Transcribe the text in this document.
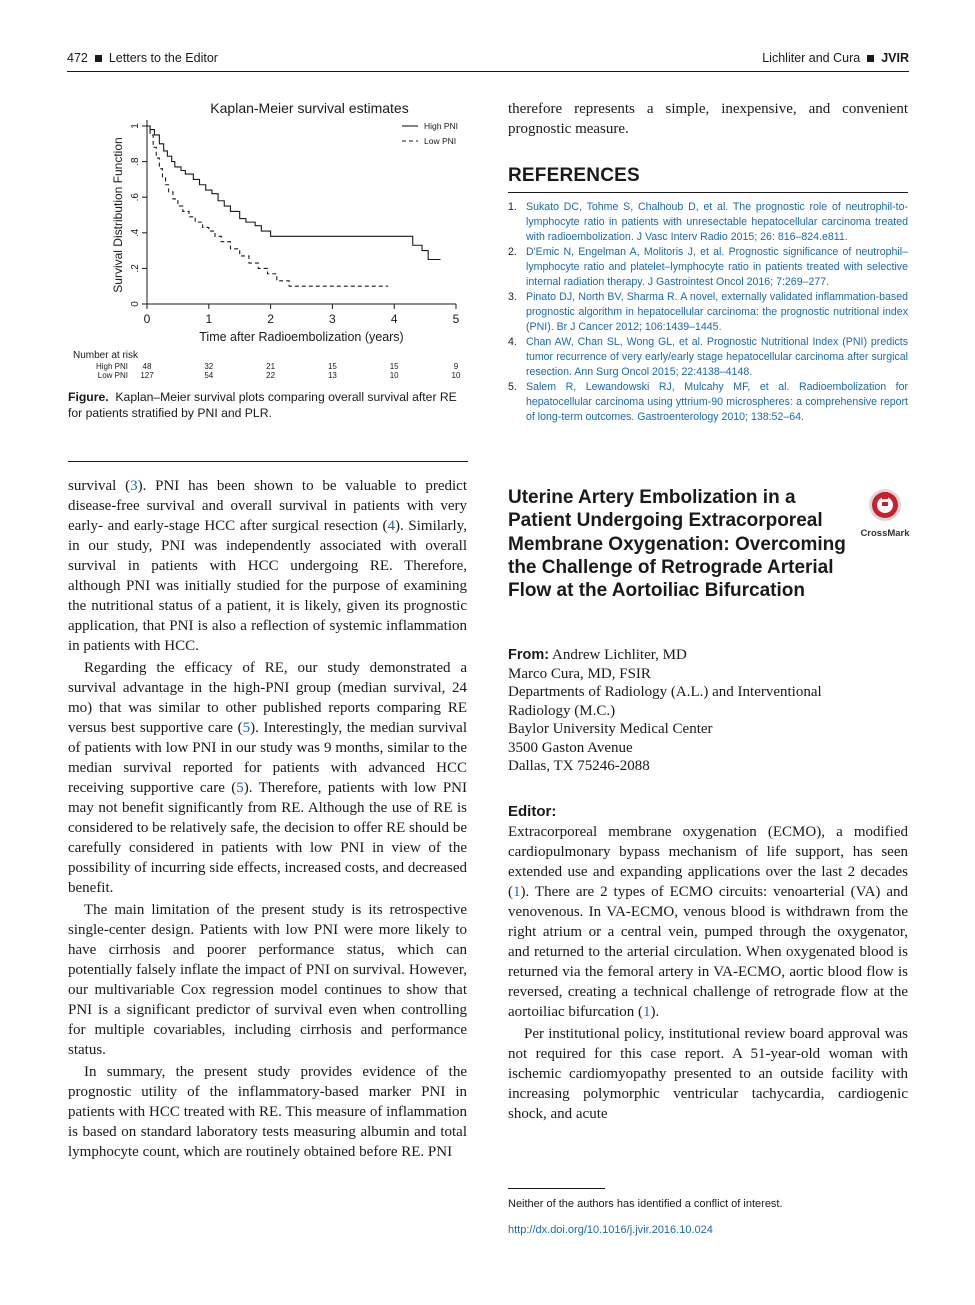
472 Letters to the Editor	Lichliter and Cura JVIR
Kaplan-Meier survival estimates
0
.2
.4
.6
.8
1
0	1	2	3	4	5
Time after Radioembolization (years)
Survival Distribution Function
High PNI
Low PNI
Number at risk
High PNI 48	32	21	15	15	9
Low PNI 127	54	22	13	10	10
Figure. Kaplan–Meier survival plots comparing overall survival after RE for patients stratified by PNI and PLR.

survival (3). PNI has been shown to be valuable to predict disease-free survival and overall survival in patients with very early- and early-stage HCC after surgical resection (4). Similarly, in our study, PNI was independently associated with overall survival in patients with HCC undergoing RE. Therefore, although PNI was initially studied for the purpose of examining the nutritional status of a patient, it is likely, given its prognostic application, that PNI is also a reflection of systemic inflammation in patients with HCC.

Regarding the efficacy of RE, our study demonstrated a survival advantage in the high-PNI group (median survival, 24 mo) that was similar to other published reports comparing RE versus best supportive care (5). Interestingly, the median survival of patients with low PNI in our study was 9 months, similar to the median survival reported for patients with advanced HCC receiving supportive care (5). Therefore, patients with low PNI may not benefit significantly from RE. Although the use of RE is considered to be relatively safe, the decision to offer RE should be carefully considered in patients with low PNI in view of the possibility of incurring side effects, increased costs, and decreased benefit.

The main limitation of the present study is its retrospective single-center design. Patients with low PNI were more likely to have cirrhosis and poorer performance status, which can potentially falsely inflate the impact of PNI on survival. However, our multivariable Cox regression model continues to show that PNI is a significant predictor of survival even when controlling for multiple covariables, including cirrhosis and performance status.

In summary, the present study provides evidence of the prognostic utility of the inflammatory-based marker PNI in patients with HCC treated with RE. This measure of inflammation is based on standard laboratory tests measuring albumin and total lymphocyte count, which are routinely obtained before RE. PNI

therefore represents a simple, inexpensive, and convenient prognostic measure.
REFERENCES
1. Sukato DC, Tohme S, Chalhoub D, et al. The prognostic role of neutrophil-to-lymphocyte ratio in patients with unresectable hepatocellular carcinoma treated with radioembolization. J Vasc Interv Radio 2015; 26: 816–824.e811.
2. D'Emic N, Engelman A, Molitoris J, et al. Prognostic significance of neutrophil–lymphocyte ratio and platelet–lymphocyte ratio in patients treated with selective internal radiation therapy. J Gastrointest Oncol 2016; 7:269–277.
3. Pinato DJ, North BV, Sharma R. A novel, externally validated inflammation-based prognostic algorithm in hepatocellular carcinoma: the prognostic nutritional index (PNI). Br J Cancer 2012; 106:1439–1445.
4. Chan AW, Chan SL, Wong GL, et al. Prognostic Nutritional Index (PNI) predicts tumor recurrence of very early/early stage hepatocellular carcinoma after surgical resection. Ann Surg Oncol 2015; 22:4138–4148.
5. Salem R, Lewandowski RJ, Mulcahy MF, et al. Radioembolization for hepatocellular carcinoma using yttrium-90 microspheres: a comprehensive report of long-term outcomes. Gastroenterology 2010; 138:52–64.
Uterine Artery Embolization in a Patient Undergoing Extracorporeal Membrane Oxygenation: Overcoming the Challenge of Retrograde Arterial Flow at the Aortoiliac Bifurcation
CrossMark
From: Andrew Lichliter, MD
Marco Cura, MD, FSIR
Departments of Radiology (A.L.) and Interventional
Radiology (M.C.)
Baylor University Medical Center
3500 Gaston Avenue
Dallas, TX 75246-2088
Editor:

Extracorporeal membrane oxygenation (ECMO), a modified cardiopulmonary bypass mechanism of life support, has seen extended use and expanding applications over the last 2 decades (1). There are 2 types of ECMO circuits: venoarterial (VA) and venovenous. In VA-ECMO, venous blood is withdrawn from the right atrium or a central vein, pumped through the oxygenator, and returned to the arterial circulation. When oxygenated blood is returned via the femoral artery in VA-ECMO, aortic blood flow is reversed, creating a technical challenge of retrograde flow at the aortoiliac bifurcation (1).

Per institutional policy, institutional review board approval was not required for this case report. A 51-year-old woman with ischemic cardiomyopathy presented to an outside facility with increasing polymorphic ventricular tachycardia, cardiogenic shock, and acute

Neither of the authors has identified a conflict of interest.
http://dx.doi.org/10.1016/j.jvir.2016.10.024
